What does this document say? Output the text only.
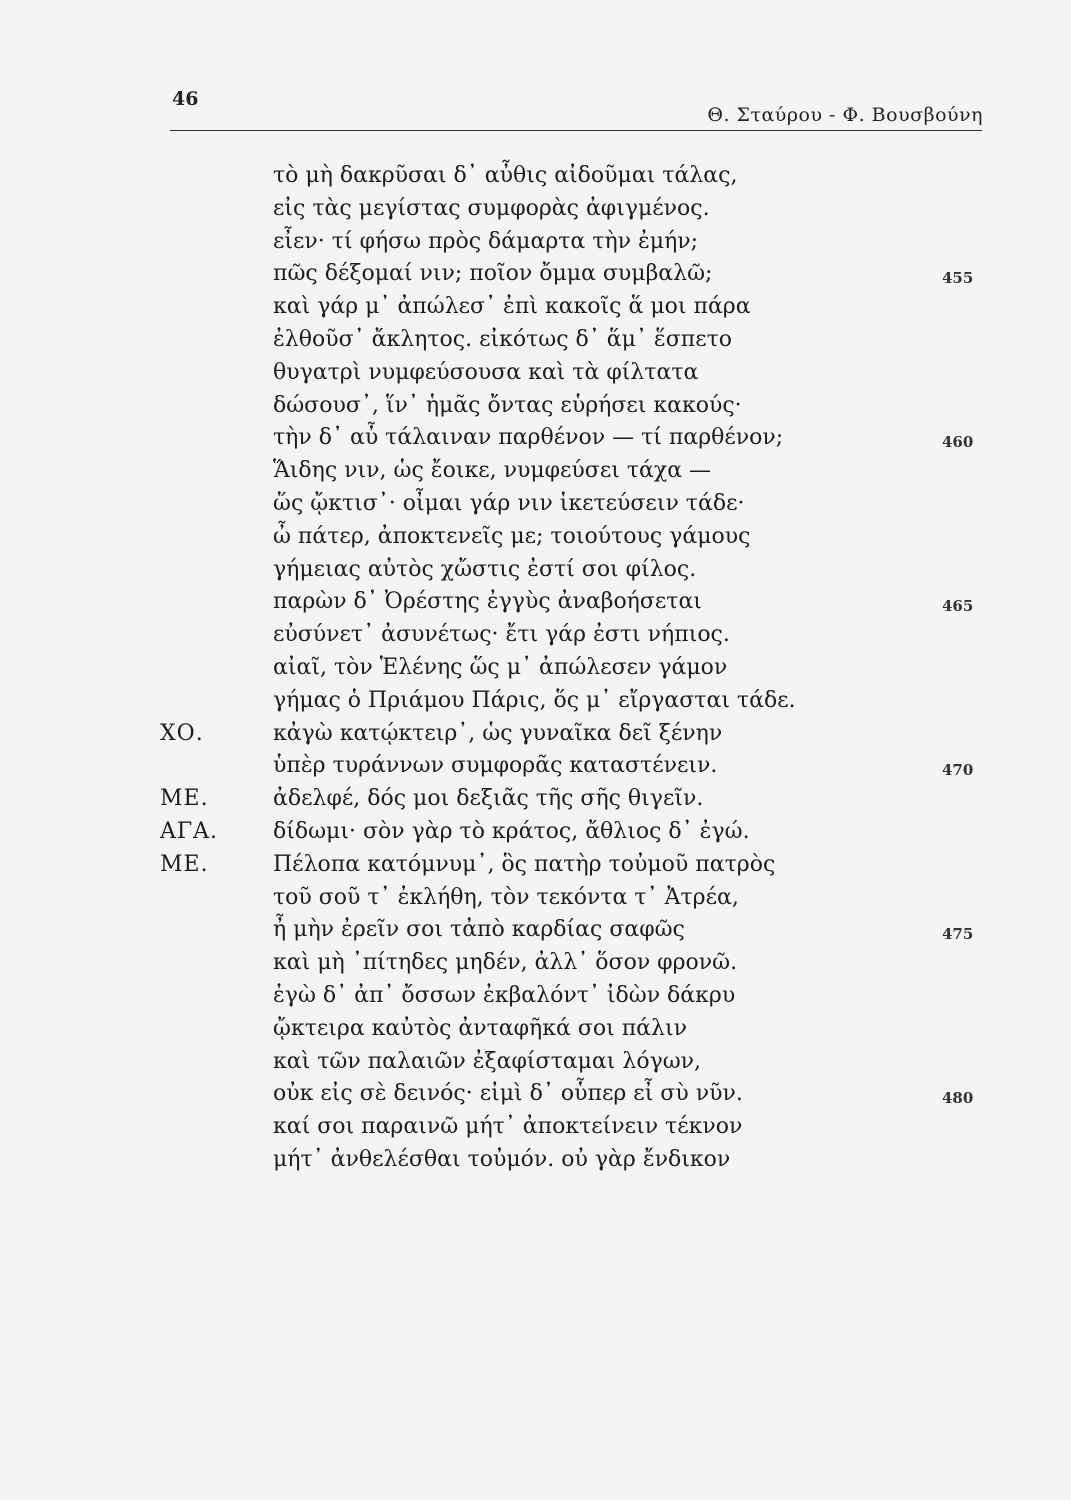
46
Θ. Σταύρου - Φ. Βουσβούνη
τὸ μὴ δακρῦσαι δ᾽ αὖθις αἰδοῦμαι τάλας,
εἰς τὰς μεγίστας συμφορὰς ἀφιγμένος.
εἶεν· τί φήσω πρὸς δάμαρτα τὴν ἐμήν;
πῶς δέξομαί νιν; ποῖον ὄμμα συμβαλῶ;	455
καὶ γάρ μ᾽ ἀπώλεσ᾽ ἐπὶ κακοῖς ἅ μοι πάρα
ἐλθοῦσ᾽ ἄκλητος. εἰκότως δ᾽ ἅμ᾽ ἕσπετο
θυγατρὶ νυμφεύσουσα καὶ τὰ φίλτατα
δώσουσ᾽, ἵν᾽ ἡμᾶς ὄντας εὑρήσει κακούς·
τὴν δ᾽ αὖ τάλαιναν παρθένον — τί παρθένον;	460
Ἅιδης νιν, ὡς ἔοικε, νυμφεύσει τάχα —
ὥς ᾤκτισ᾽· οἶμαι γάρ νιν ἱκετεύσειν τάδε·
ὦ πάτερ, ἀποκτενεῖς με; τοιούτους γάμους
γήμειας αὐτὸς χὤστις ἐστί σοι φίλος.
παρὼν δ᾽ Ὀρέστης ἐγγὺς ἀναβοήσεται	465
εὐσύνετ᾽ ἀσυνέτως· ἔτι γάρ ἐστι νήπιος.
αἰαῖ, τὸν Ἑλένης ὥς μ᾽ ἀπώλεσεν γάμον
γήμας ὁ Πριάμου Πάρις, ὅς μ᾽ εἴργασται τάδε.
ΧΟ.	κἀγὼ κατῴκτειρ᾽, ὡς γυναῖκα δεῖ ξένην
ὑπὲρ τυράννων συμφορᾶς καταστένειν.	470
ΜΕ.	ἀδελφέ, δός μοι δεξιᾶς τῆς σῆς θιγεῖν.
ΑΓΑ.	δίδωμι· σὸν γὰρ τὸ κράτος, ἄθλιος δ᾽ ἐγώ.
ΜΕ.	Πέλοπα κατόμνυμ᾽, ὃς πατὴρ τοὐμοῦ πατρὸς
τοῦ σοῦ τ᾽ ἐκλήθη, τὸν τεκόντα τ᾽ Ἀτρέα,
ἦ μὴν ἐρεῖν σοι τἀπὸ καρδίας σαφῶς	475
καὶ μὴ ᾽πίτηδες μηδέν, ἀλλ᾽ ὅσον φρονῶ.
ἐγὼ δ᾽ ἀπ᾽ ὄσσων ἐκβαλόντ᾽ ἰδὼν δάκρυ
ᾤκτειρα καὐτὸς ἀνταφῆκά σοι πάλιν
καὶ τῶν παλαιῶν ἐξαφίσταμαι λόγων,
οὐκ εἰς σὲ δεινός· εἰμὶ δ᾽ οὗπερ εἶ σὺ νῦν.	480
καί σοι παραινῶ μήτ᾽ ἀποκτείνειν τέκνον
μήτ᾽ ἀνθελέσθαι τοὐμόν. οὐ γὰρ ἔνδικον
